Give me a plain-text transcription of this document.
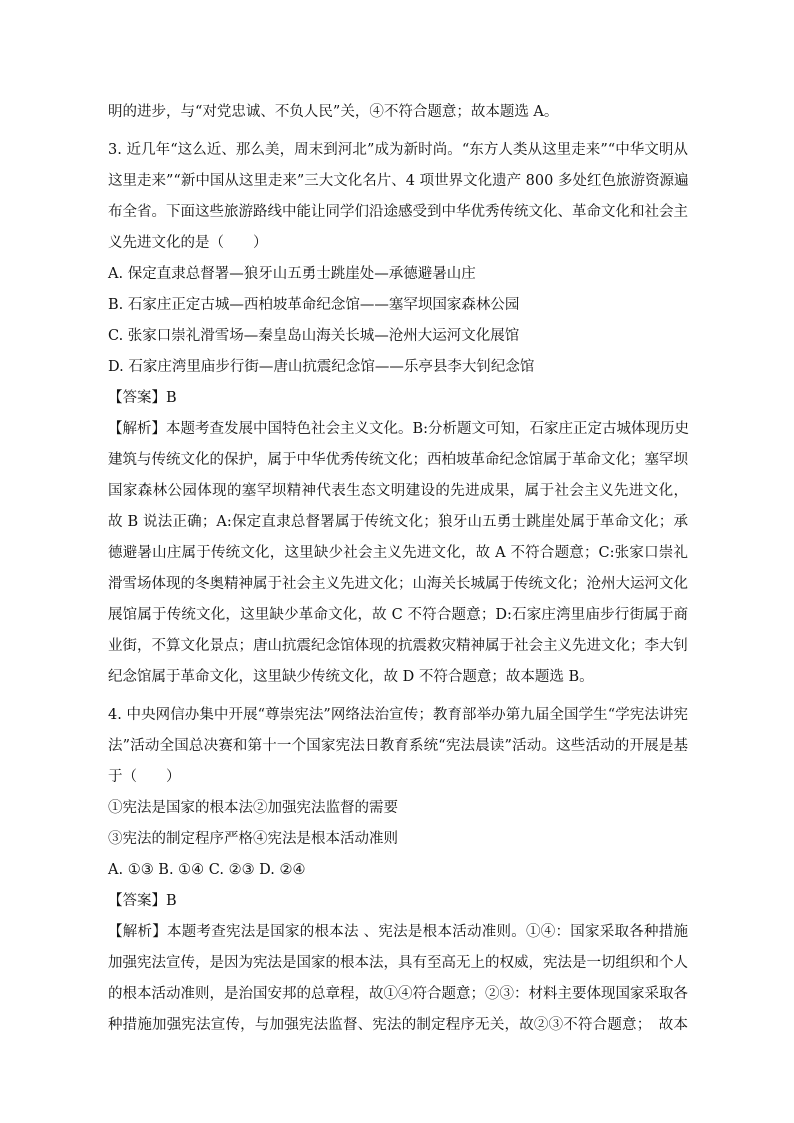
明的进步，与“对党忠诚、不负人民”关，④不符合题意；故本题选 A。
3. 近几年“这么近、那么美，周末到河北”成为新时尚。“东方人类从这里走来”“中华文明从
这里走来”“新中国从这里走来”三大文化名片、4 项世界文化遗产 800 多处红色旅游资源遍
布全省。下面这些旅游路线中能让同学们沿途感受到中华优秀传统文化、革命文化和社会主
义先进文化的是（　　）
A. 保定直隶总督署—狼牙山五勇士跳崖处—承德避暑山庄
B. 石家庄正定古城—西柏坡革命纪念馆——塞罕坝国家森林公园
C. 张家口崇礼滑雪场—秦皇岛山海关长城—沧州大运河文化展馆
D. 石家庄湾里庙步行街—唐山抗震纪念馆——乐亭县李大钊纪念馆
【答案】B
【解析】本题考查发展中国特色社会主义文化。B:分析题文可知，石家庄正定古城体现历史
建筑与传统文化的保护，属于中华优秀传统文化；西柏坡革命纪念馆属于革命文化；塞罕坝
国家森林公园体现的塞罕坝精神代表生态文明建设的先进成果，属于社会主义先进文化，
故 B 说法正确；A:保定直隶总督署属于传统文化；狼牙山五勇士跳崖处属于革命文化；承
德避暑山庄属于传统文化，这里缺少社会主义先进文化，故 A 不符合题意；C:张家口崇礼
滑雪场体现的冬奥精神属于社会主义先进文化；山海关长城属于传统文化；沧州大运河文化
展馆属于传统文化，这里缺少革命文化，故 C 不符合题意；D:石家庄湾里庙步行街属于商
业街，不算文化景点；唐山抗震纪念馆体现的抗震救灾精神属于社会主义先进文化；李大钊
纪念馆属于革命文化，这里缺少传统文化，故 D 不符合题意；故本题选 B。
4. 中央网信办集中开展“尊崇宪法”网络法治宣传；教育部举办第九届全国学生“学宪法讲宪
法”活动全国总决赛和第十一个国家宪法日教育系统“宪法晨读”活动。这些活动的开展是基
于（　　）
①宪法是国家的根本法②加强宪法监督的需要
③宪法的制定程序严格④宪法是根本活动准则
A. ①③ B. ①④ C. ②③ D. ②④
【答案】B
【解析】本题考查宪法是国家的根本法 、宪法是根本活动准则。①④：国家采取各种措施
加强宪法宣传，是因为宪法是国家的根本法，具有至高无上的权威，宪法是一切组织和个人
的根本活动准则，是治国安邦的总章程，故①④符合题意；②③：材料主要体现国家采取各
种措施加强宪法宣传，与加强宪法监督、宪法的制定程序无关，故②③不符合题意；　故本
